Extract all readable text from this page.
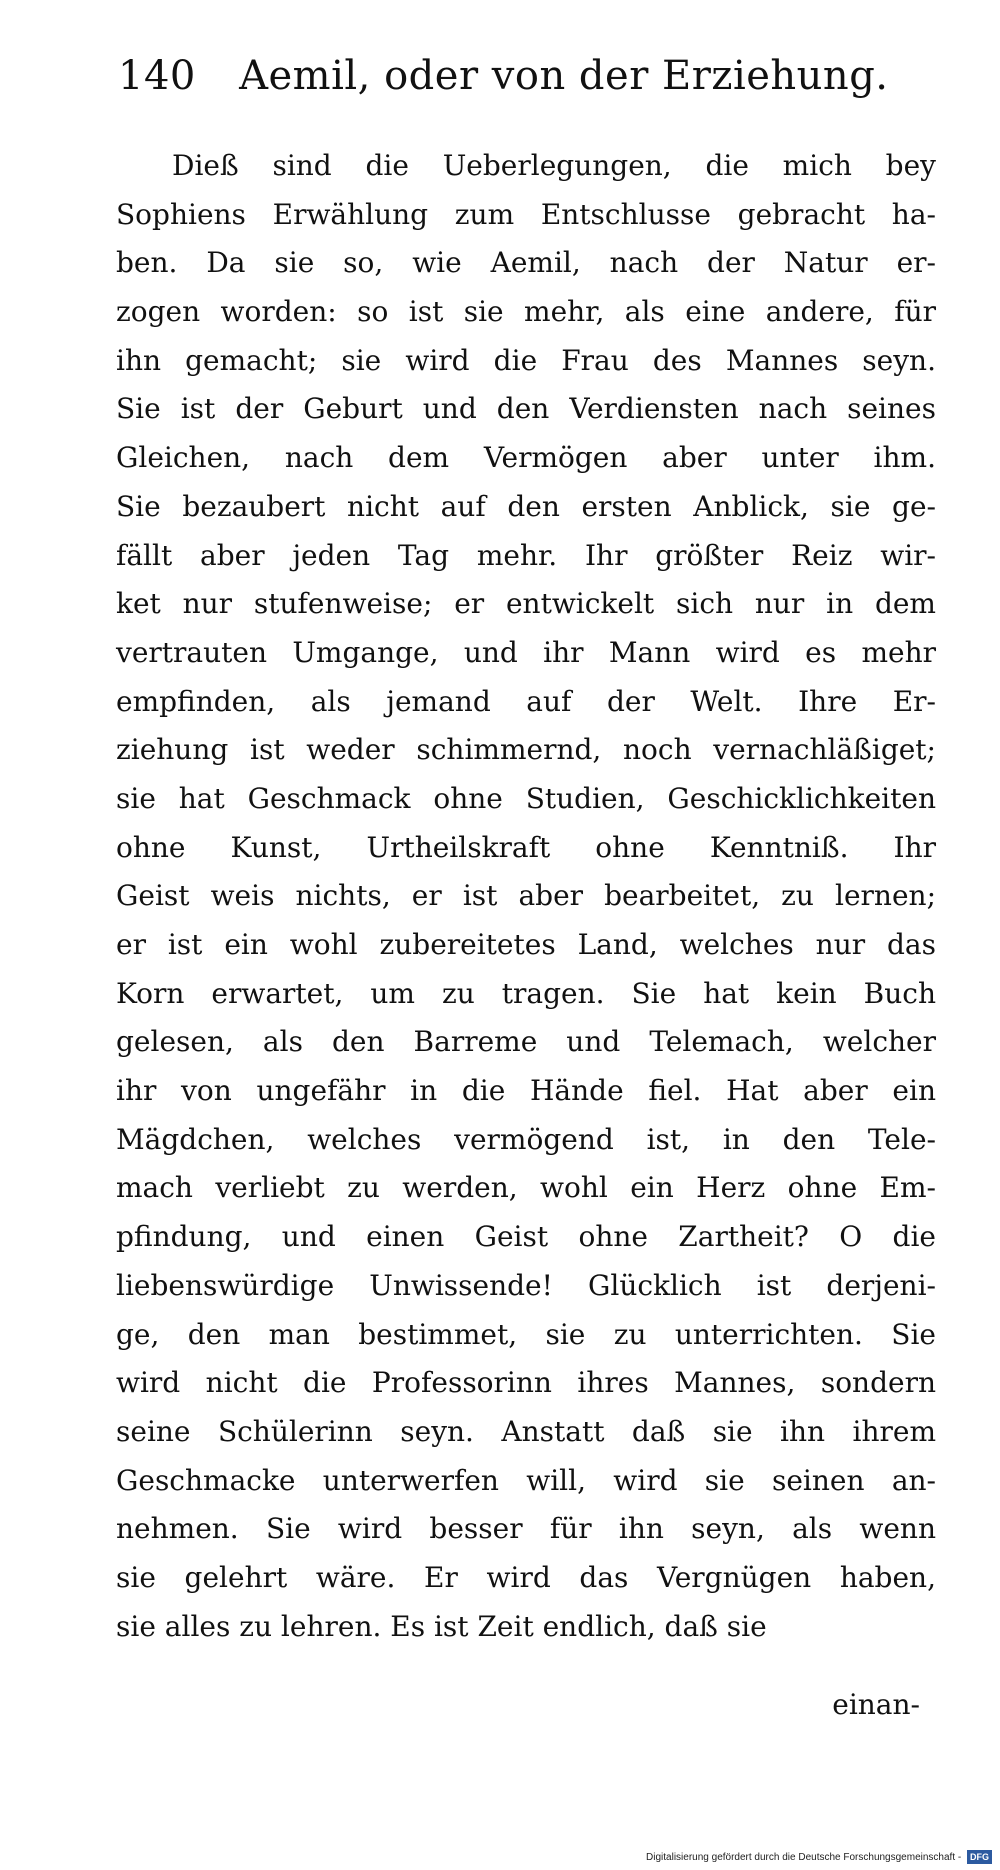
140 Aemil, oder von der Erziehung.
Dieß sind die Ueberlegungen, die mich bey
Sophiens Erwählung zum Entschlusse gebracht ha-
ben. Da sie so, wie Aemil, nach der Natur er-
zogen worden: so ist sie mehr, als eine andere, für
ihn gemacht; sie wird die Frau des Mannes seyn.
Sie ist der Geburt und den Verdiensten nach seines
Gleichen, nach dem Vermögen aber unter ihm.
Sie bezaubert nicht auf den ersten Anblick, sie ge-
fällt aber jeden Tag mehr. Ihr größter Reiz wir-
ket nur stufenweise; er entwickelt sich nur in dem
vertrauten Umgange, und ihr Mann wird es mehr
empfinden, als jemand auf der Welt. Ihre Er-
ziehung ist weder schimmernd, noch vernachläßiget;
sie hat Geschmack ohne Studien, Geschicklichkeiten
ohne Kunst, Urtheilskraft ohne Kenntniß. Ihr
Geist weis nichts, er ist aber bearbeitet, zu lernen;
er ist ein wohl zubereitetes Land, welches nur das
Korn erwartet, um zu tragen. Sie hat kein Buch
gelesen, als den Barreme und Telemach, welcher
ihr von ungefähr in die Hände fiel. Hat aber ein
Mägdchen, welches vermögend ist, in den Tele-
mach verliebt zu werden, wohl ein Herz ohne Em-
pfindung, und einen Geist ohne Zartheit? O die
liebenswürdige Unwissende! Glücklich ist derjeni-
ge, den man bestimmet, sie zu unterrichten. Sie
wird nicht die Professorinn ihres Mannes, sondern
seine Schülerinn seyn. Anstatt daß sie ihn ihrem
Geschmacke unterwerfen will, wird sie seinen an-
nehmen. Sie wird besser für ihn seyn, als wenn
sie gelehrt wäre. Er wird das Vergnügen haben,
sie alles zu lehren. Es ist Zeit endlich, daß sie
einan-
Digitalisierung gefördert durch die Deutsche Forschungsgemeinschaft - DFG
